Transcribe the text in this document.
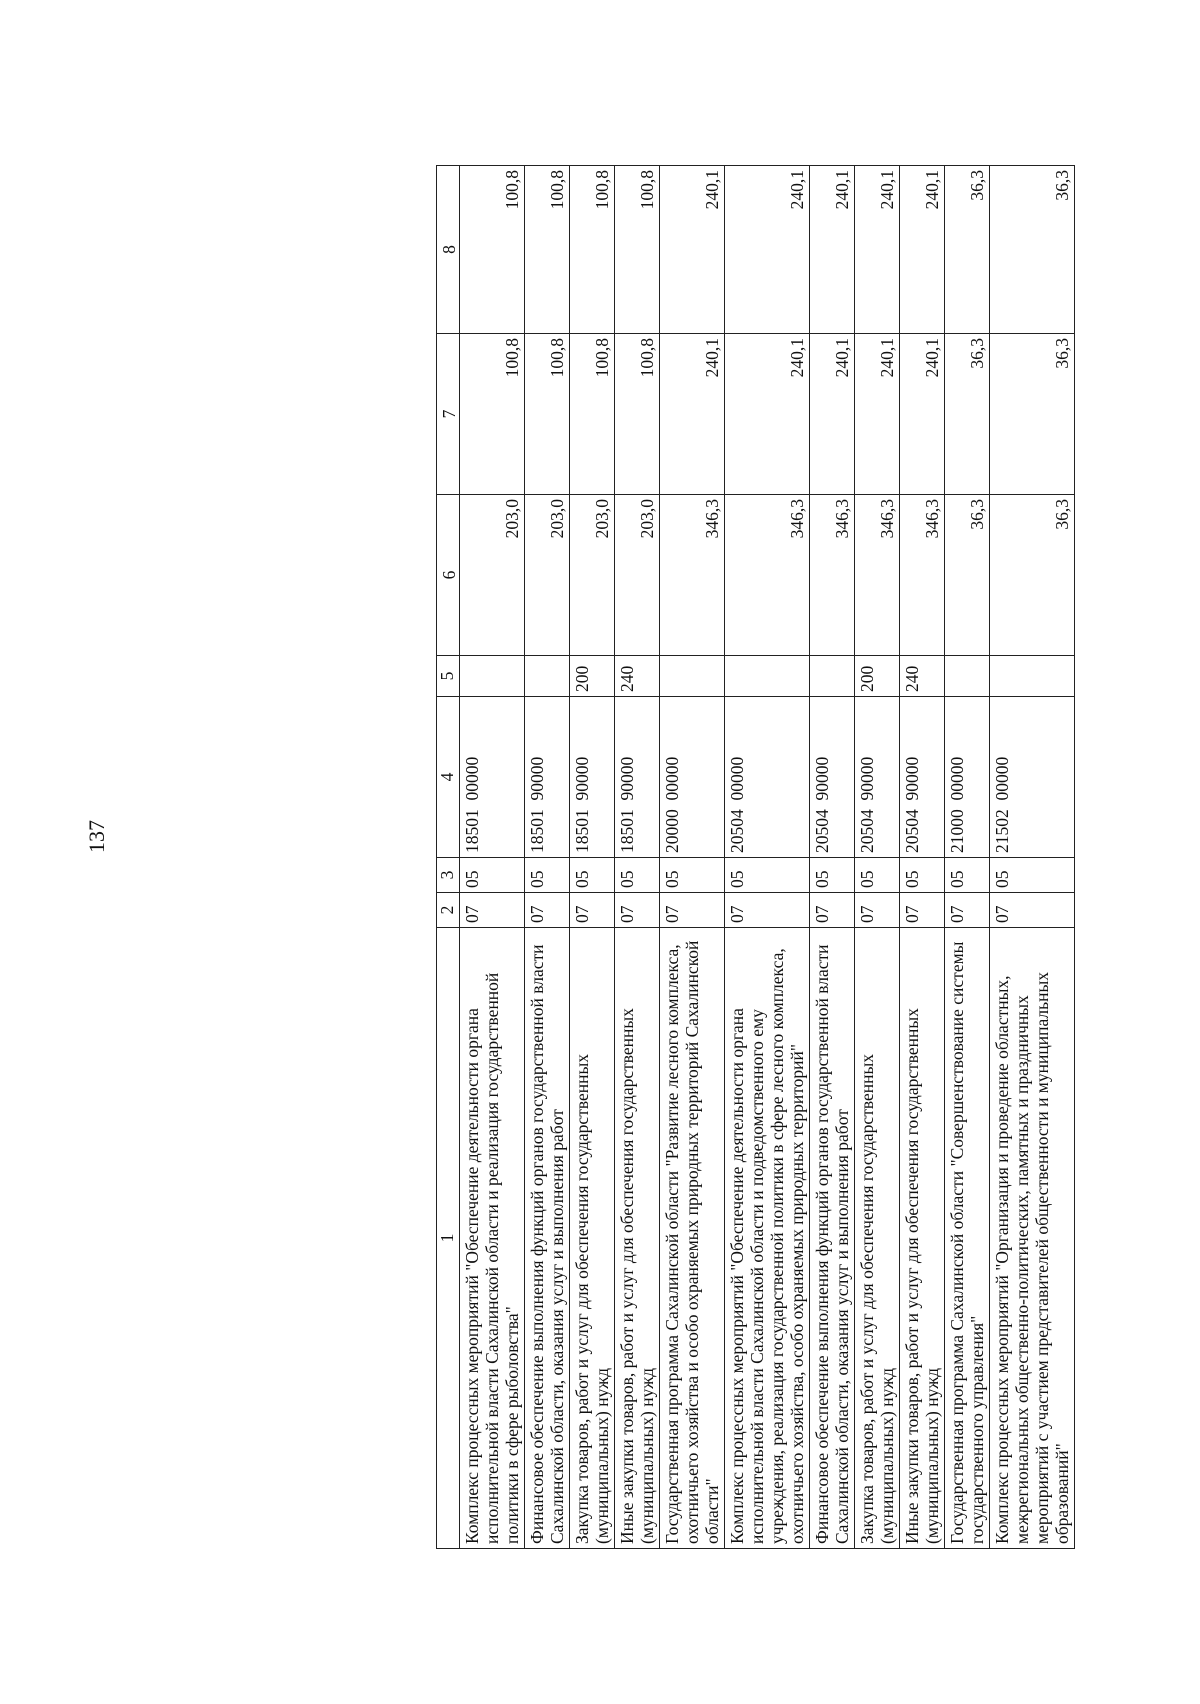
137
1	2	3	4	5	6	7	8
Комплекс процессных мероприятий "Обеспечение деятельности органа исполнительной власти Сахалинской области и реализация государственной политики в сфере рыболовства"	07	05	18501  00000		203,0	100,8	100,8
Финансовое обеспечение выполнения функций органов государственной власти Сахалинской области, оказания услуг и выполнения работ	07	05	18501  90000		203,0	100,8	100,8
Закупка товаров, работ и услуг для обеспечения государственных (муниципальных) нужд	07	05	18501  90000	200	203,0	100,8	100,8
Иные закупки товаров, работ и услуг для обеспечения государственных (муниципальных) нужд	07	05	18501  90000	240	203,0	100,8	100,8
Государственная программа Сахалинской области "Развитие лесного комплекса, охотничьего хозяйства и особо охраняемых природных территорий Сахалинской области"	07	05	20000  00000		346,3	240,1	240,1
Комплекс процессных мероприятий "Обеспечение деятельности органа исполнительной власти Сахалинской области и подведомственного ему учреждения, реализация государственной политики в сфере лесного комплекса, охотничьего хозяйства, особо охраняемых природных территорий"	07	05	20504  00000		346,3	240,1	240,1
Финансовое обеспечение выполнения функций органов государственной власти Сахалинской области, оказания услуг и выполнения работ	07	05	20504  90000		346,3	240,1	240,1
Закупка товаров, работ и услуг для обеспечения государственных (муниципальных) нужд	07	05	20504  90000	200	346,3	240,1	240,1
Иные закупки товаров, работ и услуг для обеспечения государственных (муниципальных) нужд	07	05	20504  90000	240	346,3	240,1	240,1
Государственная программа Сахалинской области "Совершенствование системы государственного управления"	07	05	21000  00000		36,3	36,3	36,3
Комплекс процессных мероприятий "Организация и проведение областных, межрегиональных общественно-политических, памятных и праздничных мероприятий с участием представителей общественности и муниципальных образований"	07	05	21502  00000		36,3	36,3	36,3
